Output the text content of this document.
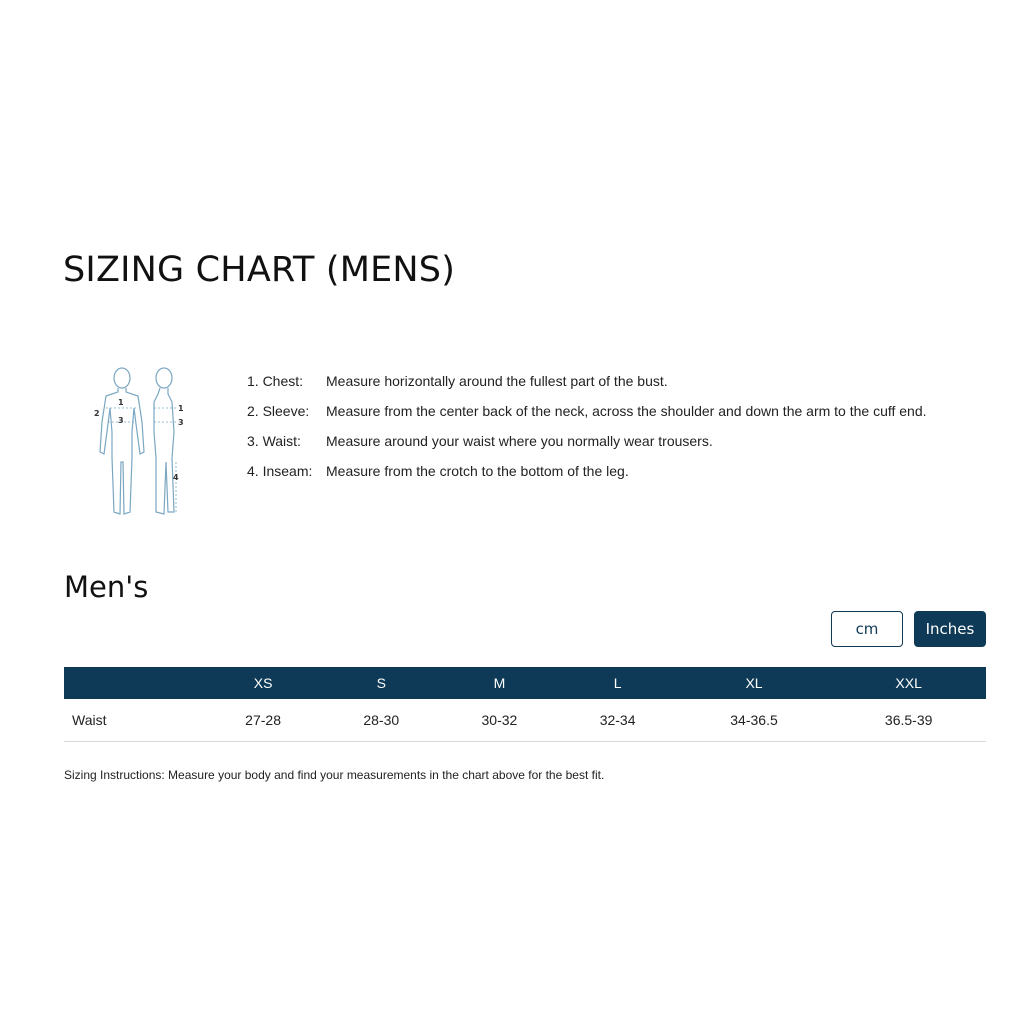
SIZING CHART (MENS)
1
2
3
1
3
4
1. Chest:	Measure horizontally around the fullest part of the bust.
2. Sleeve:	Measure from the center back of the neck, across the shoulder and down the arm to the cuff end.
3. Waist:	Measure around your waist where you normally wear trousers.
4. Inseam: Measure from the crotch to the bottom of the leg.
Men's
cm	Inches
	XS	S	M	L	XL	XXL
Waist	27-28	28-30	30-32	32-34	34-36.5	36.5-39
Sizing Instructions: Measure your body and find your measurements in the chart above for the best fit.
